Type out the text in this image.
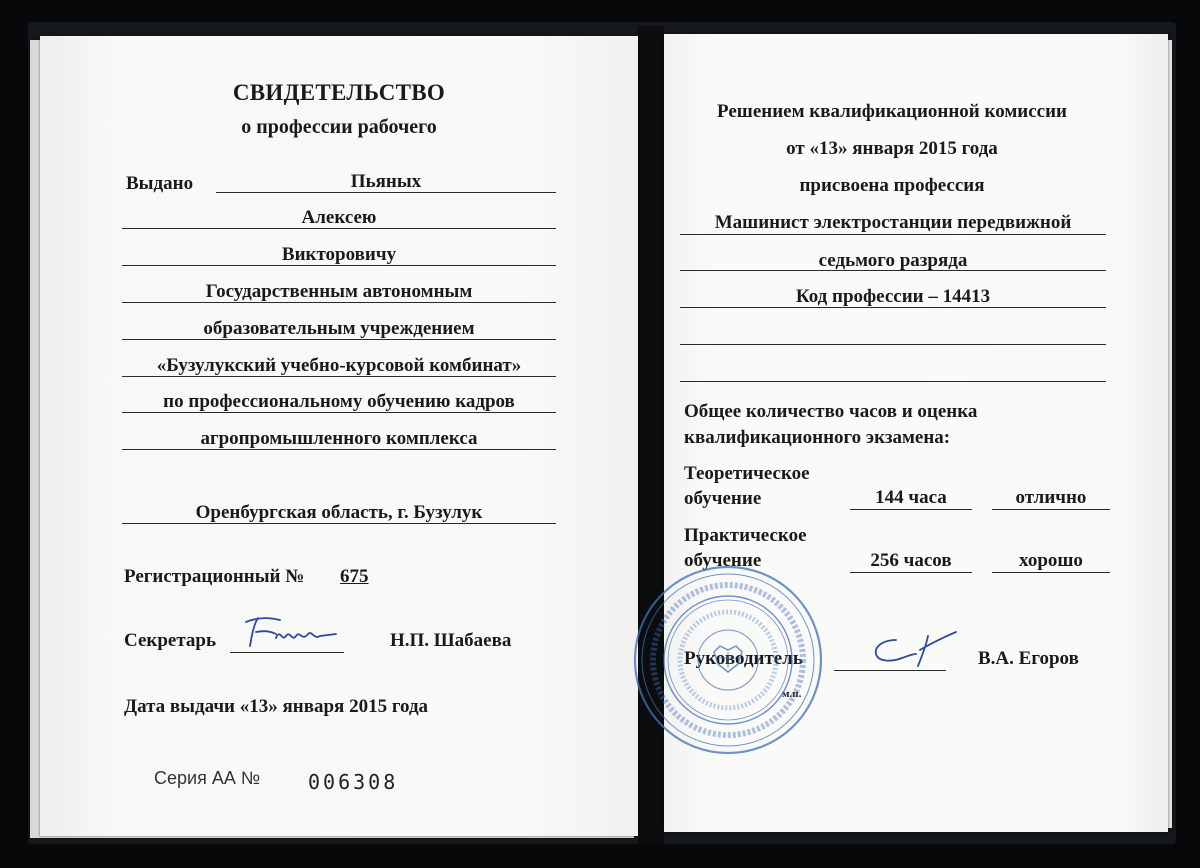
СВИДЕТЕЛЬСТВО
о профессии рабочего
Выдано	Пьяных
Алексею
Викторовичу
Государственным автономным
образовательным учреждением
«Бузулукский учебно-курсовой комбинат»
по профессиональному обучению кадров
агропромышленного комплекса
Оренбургская область, г. Бузулук
Регистрационный № 675
Секретарь	Н.П. Шабаева
Дата выдачи «13» января 2015 года
Серия АА № 006308
Решением квалификационной комиссии
от «13» января 2015 года
присвоена профессия
Машинист электростанции передвижной
седьмого разряда
Код профессии – 14413
Общее количество часов и оценка
квалификационного экзамена:
Теоретическое
обучение	144 часа	отлично
Практическое
обучение	256 часов	хорошо
Руководитель	В.А. Егоров
м.п.
